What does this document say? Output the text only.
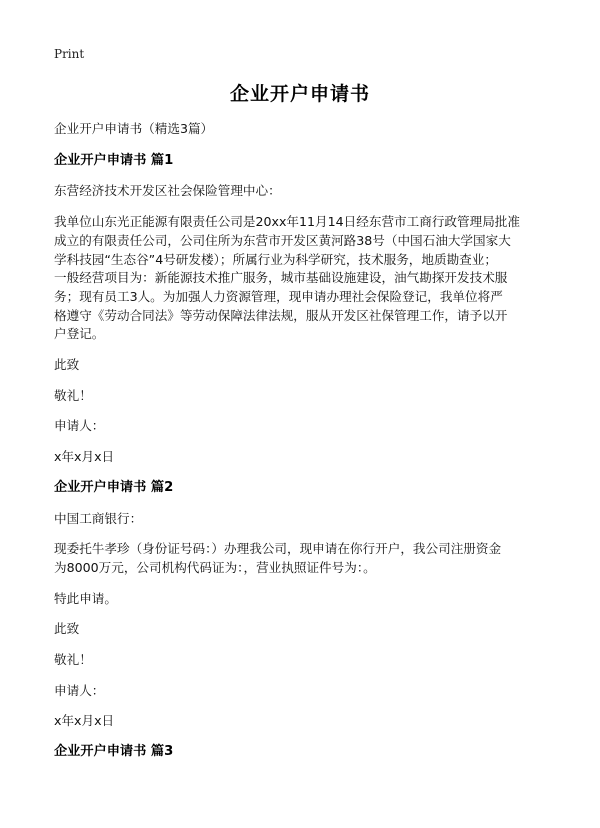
Print
企业开户申请书

企业开户申请书（精选3篇）

企业开户申请书 篇1

东营经济技术开发区社会保险管理中心：

我单位山东光正能源有限责任公司是20xx年11月14日经东营市工商行政管理局批准

成立的有限责任公司，公司住所为东营市开发区黄河路38号（中国石油大学国家大

学科技园“生态谷”4号研发楼）；所属行业为科学研究，技术服务，地质勘查业；

一般经营项目为：新能源技术推广服务，城市基础设施建设，油气勘探开发技术服

务；现有员工3人。为加强人力资源管理，现申请办理社会保险登记，我单位将严

格遵守《劳动合同法》等劳动保障法律法规，服从开发区社保管理工作，请予以开

户登记。

此致

敬礼！

申请人：

x年x月x日

企业开户申请书 篇2

中国工商银行：

现委托牛孝珍（身份证号码：）办理我公司，现申请在你行开户，我公司注册资金

为8000万元，公司机构代码证为：，营业执照证件号为：。

特此申请。

此致

敬礼！

申请人：

x年x月x日

企业开户申请书 篇3
